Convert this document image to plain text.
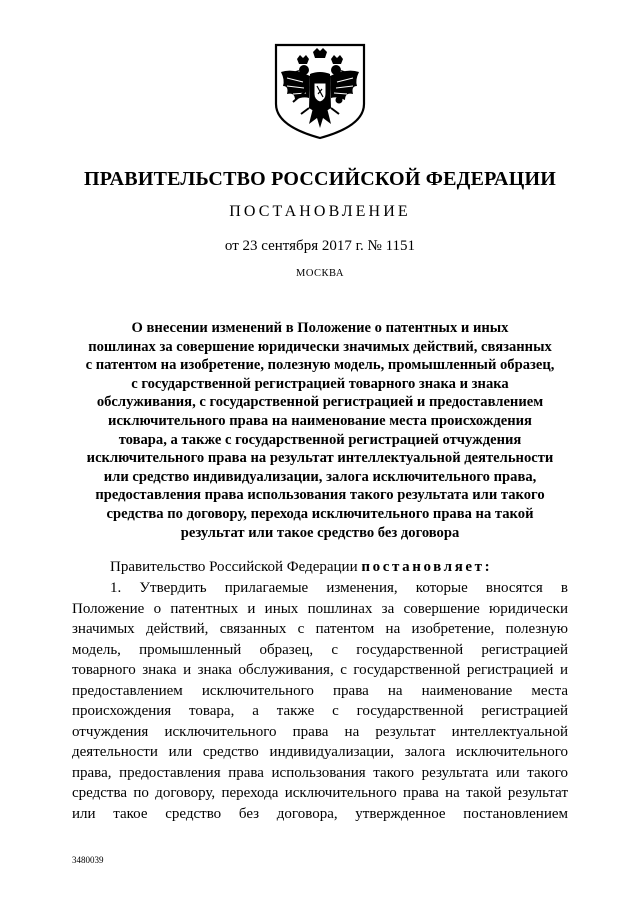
ПРАВИТЕЛЬСТВО РОССИЙСКОЙ ФЕДЕРАЦИИ
ПОСТАНОВЛЕНИЕ
от 23 сентября 2017 г. № 1151
МОСКВА
О внесении изменений в Положение о патентных и иных
пошлинах за совершение юридически значимых действий, связанных
с патентом на изобретение, полезную модель, промышленный образец,
с государственной регистрацией товарного знака и знака
обслуживания, с государственной регистрацией и предоставлением
исключительного права на наименование места происхождения
товара, а также с государственной регистрацией отчуждения
исключительного права на результат интеллектуальной деятельности
или средство индивидуализации, залога исключительного права,
предоставления права использования такого результата или такого
средства по договору, перехода исключительного права на такой
результат или такое средство без договора
Правительство Российской Федерации постановляет:
1. Утвердить прилагаемые изменения, которые вносятся в
Положение о патентных и иных пошлинах за совершение юридически
значимых действий, связанных с патентом на изобретение, полезную
модель, промышленный образец, с государственной регистрацией
товарного знака и знака обслуживания, с государственной регистрацией и
предоставлением исключительного права на наименование места
происхождения товара, а также с государственной регистрацией
отчуждения исключительного права на результат интеллектуальной
деятельности или средство индивидуализации, залога исключительного
права, предоставления права использования такого результата или такого
средства по договору, перехода исключительного права на такой результат
или такое средство без договора, утвержденное постановлением
3480039
